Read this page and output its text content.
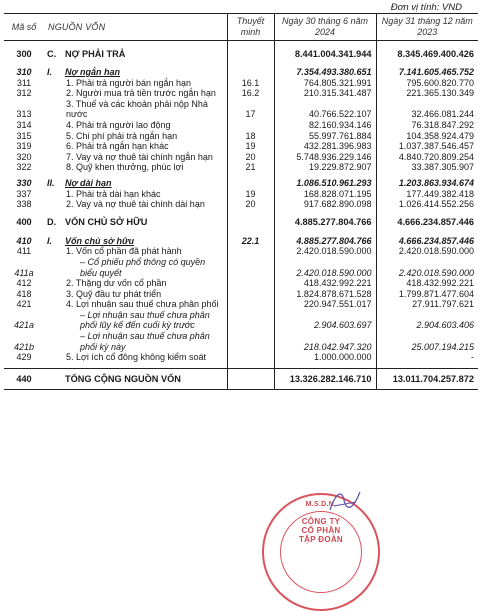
Đơn vị tính: VND
Mã số	NGUỒN VỐN		Thuyết minh	Ngày 30 tháng 6 năm 2024	Ngày 31 tháng 12 năm 2023

300	C.	NỢ PHẢI TRẢ		8.441.004.341.944	8.345.469.400.426

310	I.	Nợ ngắn hạn		7.354.493.380.651	7.141.605.465.752
311		1. Phải trả người bán ngắn hạn	16.1	764.805.321.991	795.600.820.770
312		2. Người mua trả tiền trước ngắn hạn	16.2	210.315.341.487	221.365.130.349
313		3. Thuế và các khoản phải nộp Nhà nước	17	40.766.522.107	32.466.081.244
314		4. Phải trả người lao động		82.160.934.146	76.318.847.292
315		5. Chi phí phải trả ngắn hạn	18	55.997.761.884	104.358.924.479
319		6. Phải trả ngắn hạn khác	19	432.281.396.983	1.037.387.546.457
320		7. Vay và nợ thuê tài chính ngắn hạn	20	5.748.936.229.146	4.840.720.809.254
322		8. Quỹ khen thưởng, phúc lợi	21	19.229.872.907	33.387.305.907

330	II.	Nợ dài hạn		1.086.510.961.293	1.203.863.934.674
337		1. Phải trả dài hạn khác	19	168.828.071.195	177.449.382.418
338		2. Vay và nợ thuê tài chính dài hạn	20	917.682.890.098	1.026.414.552.256

400	D.	VỐN CHỦ SỞ HỮU		4.885.277.804.766	4.666.234.857.446

410	I.	Vốn chủ sở hữu	22.1	4.885.277.804.766	4.666.234.857.446
411		1. Vốn cổ phần đã phát hành		2.420.018.590.000	2.420.018.590.000
411a		– Cổ phiếu phổ thông có quyền biểu quyết		2.420.018.590.000	2.420.018.590.000
412		2. Thặng dư vốn cổ phần		418.432.992.221	418.432.992.221
418		3. Quỹ đầu tư phát triển		1.824.878.671.528	1.799.871.477.604
421		4. Lợi nhuận sau thuế chưa phân phối		220.947.551.017	27.911.797.621
421a		– Lợi nhuận sau thuế chưa phân phối lũy kế đến cuối kỳ trước		2.904.603.697	2.904.603.406
421b		– Lợi nhuận sau thuế chưa phân phối kỳ này		218.042.947.320	25.007.194.215
429		5. Lợi ích cổ đông không kiểm soát		1.000.000.000	-

440		TỔNG CỘNG NGUỒN VỐN		13.326.282.146.710	13.011.704.257.872
M.S.D.N.
CÔNG TY
CỔ PHẦN
TẬP ĐOÀN
